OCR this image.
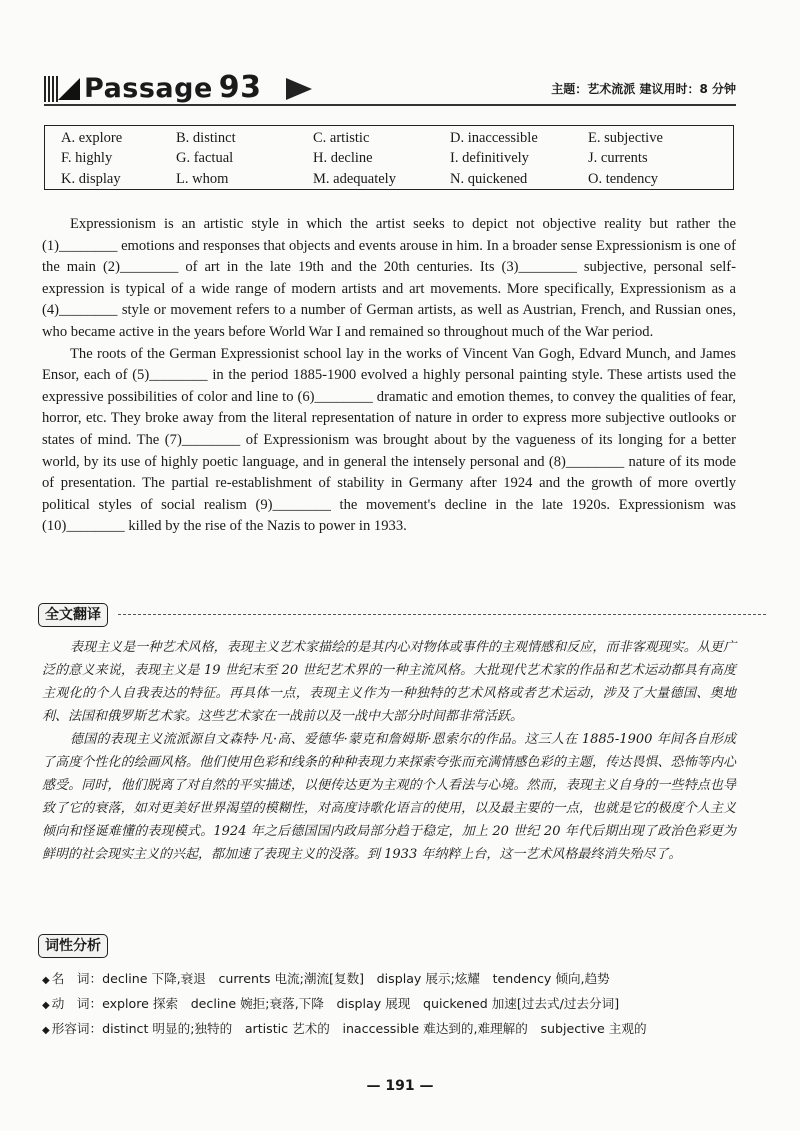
Passage 93	主题：艺术流派 建议用时：8 分钟
A. explore	B. distinct	C. artistic	D. inaccessible	E. subjective
F. highly	G. factual	H. decline	I. definitively	J. currents
K. display	L. whom	M. adequately	N. quickened	O. tendency

Expressionism is an artistic style in which the artist seeks to depict not objective reality but rather the (1)________ emotions and responses that objects and events arouse in him. In a broader sense Expressionism is one of the main (2)________ of art in the late 19th and the 20th centuries. Its (3)________ subjective, personal self-expression is typical of a wide range of modern artists and art movements. More specifically, Expressionism as a (4)________ style or movement refers to a number of German artists, as well as Austrian, French, and Russian ones, who became active in the years before World War I and remained so throughout much of the War period.

The roots of the German Expressionist school lay in the works of Vincent Van Gogh, Edvard Munch, and James Ensor, each of (5)________ in the period 1885-1900 evolved a highly personal painting style. These artists used the expressive possibilities of color and line to (6)________ dramatic and emotion themes, to convey the qualities of fear, horror, etc. They broke away from the literal representation of nature in order to express more subjective outlooks or states of mind. The (7)________ of Expressionism was brought about by the vagueness of its longing for a better world, by its use of highly poetic language, and in general the intensely personal and (8)________ nature of its mode of presentation. The partial re-establishment of stability in Germany after 1924 and the growth of more overtly political styles of social realism (9)________ the movement's decline in the late 1920s. Expressionism was (10)________ killed by the rise of the Nazis to power in 1933.

全文翻译

表现主义是一种艺术风格，表现主义艺术家描绘的是其内心对物体或事件的主观情感和反应，而非客观现实。从更广泛的意义来说，表现主义是 19 世纪末至 20 世纪艺术界的一种主流风格。大批现代艺术家的作品和艺术运动都具有高度主观化的个人自我表达的特征。再具体一点，表现主义作为一种独特的艺术风格或者艺术运动，涉及了大量德国、奥地利、法国和俄罗斯艺术家。这些艺术家在一战前以及一战中大部分时间都非常活跃。

德国的表现主义流派源自文森特·凡·高、爱德华·蒙克和詹姆斯·恩索尔的作品。这三人在 1885-1900 年间各自形成了高度个性化的绘画风格。他们使用色彩和线条的种种表现力来探索夸张而充满情感色彩的主题，传达畏惧、恐怖等内心感受。同时，他们脱离了对自然的平实描述，以便传达更为主观的个人看法与心境。然而，表现主义自身的一些特点也导致了它的衰落，如对更美好世界渴望的模糊性，对高度诗歌化语言的使用，以及最主要的一点，也就是它的极度个人主义倾向和怪诞难懂的表现模式。1924 年之后德国国内政局部分趋于稳定，加上 20 世纪 20 年代后期出现了政治色彩更为鲜明的社会现实主义的兴起，都加速了表现主义的没落。到 1933 年纳粹上台，这一艺术风格最终消失殆尽了。

词性分析
◆ 名　词：decline 下降,衰退　currents 电流;潮流[复数]　display 展示;炫耀　tendency 倾向,趋势
◆ 动　词：explore 探索　decline 婉拒;衰落,下降　display 展现　quickened 加速[过去式/过去分词]
◆ 形容词：distinct 明显的;独特的　artistic 艺术的　inaccessible 难达到的,难理解的　subjective 主观的
— 191 —
